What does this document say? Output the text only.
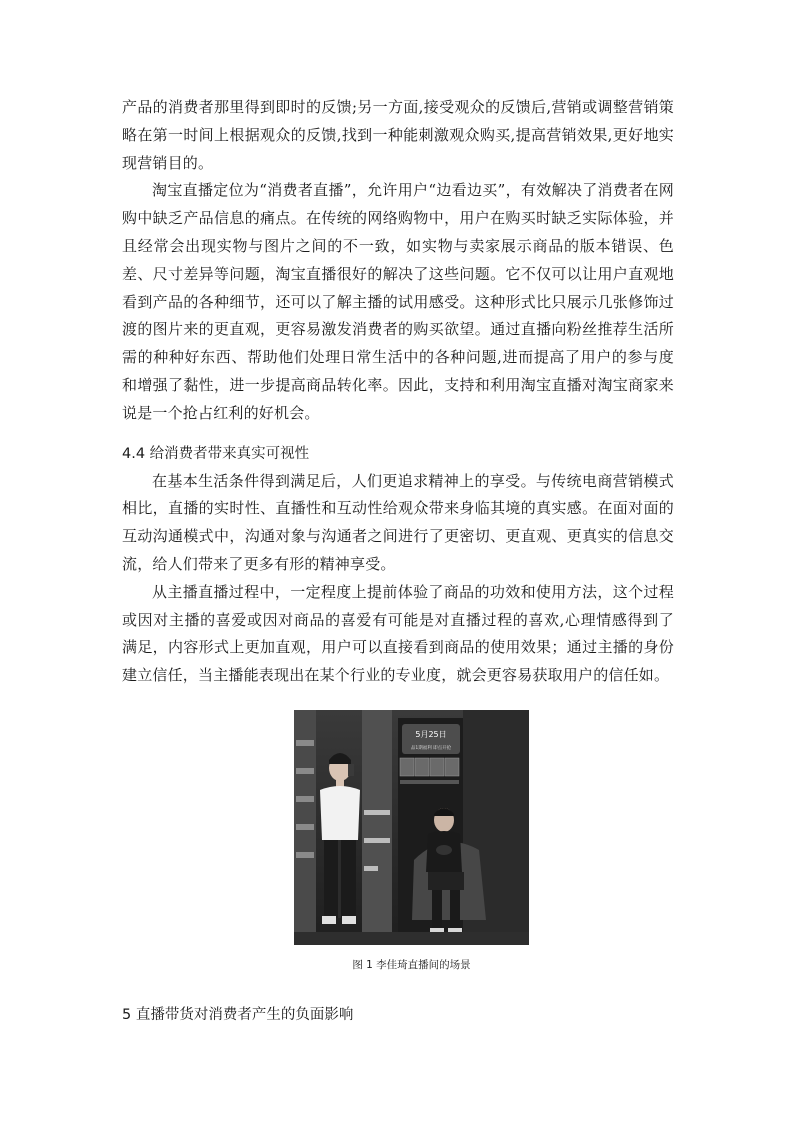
产品的消费者那里得到即时的反馈;另一方面,接受观众的反馈后,营销或调整营销策略在第一时间上根据观众的反馈,找到一种能刺激观众购买,提高营销效果,更好地实现营销目的。

淘宝直播定位为“消费者直播”，允许用户“边看边买”，有效解决了消费者在网购中缺乏产品信息的痛点。在传统的网络购物中，用户在购买时缺乏实际体验，并且经常会出现实物与图片之间的不一致，如实物与卖家展示商品的版本错误、色差、尺寸差异等问题，淘宝直播很好的解决了这些问题。它不仅可以让用户直观地看到产品的各种细节，还可以了解主播的试用感受。这种形式比只展示几张修饰过渡的图片来的更直观，更容易激发消费者的购买欲望。通过直播向粉丝推荐生活所需的种种好东西、帮助他们处理日常生活中的各种问题,进而提高了用户的参与度和增强了黏性，进一步提高商品转化率。因此，支持和利用淘宝直播对淘宝商家来说是一个抢占红利的好机会。

4.4 给消费者带来真实可视性

在基本生活条件得到满足后，人们更追求精神上的享受。与传统电商营销模式相比，直播的实时性、直播性和互动性给观众带来身临其境的真实感。在面对面的互动沟通模式中，沟通对象与沟通者之间进行了更密切、更直观、更真实的信息交流，给人们带来了更多有形的精神享受。

从主播直播过程中，一定程度上提前体验了商品的功效和使用方法，这个过程或因对主播的喜爱或因对商品的喜爱有可能是对直播过程的喜欢,心理情感得到了满足，内容形式上更加直观，用户可以直接看到商品的使用效果；通过主播的身份建立信任，当主播能表现出在某个行业的专业度，就会更容易获取用户的信任如。

5月25日
品1期福利 即点开抢
图 1 李佳琦直播间的场景
5 直播带货对消费者产生的负面影响
